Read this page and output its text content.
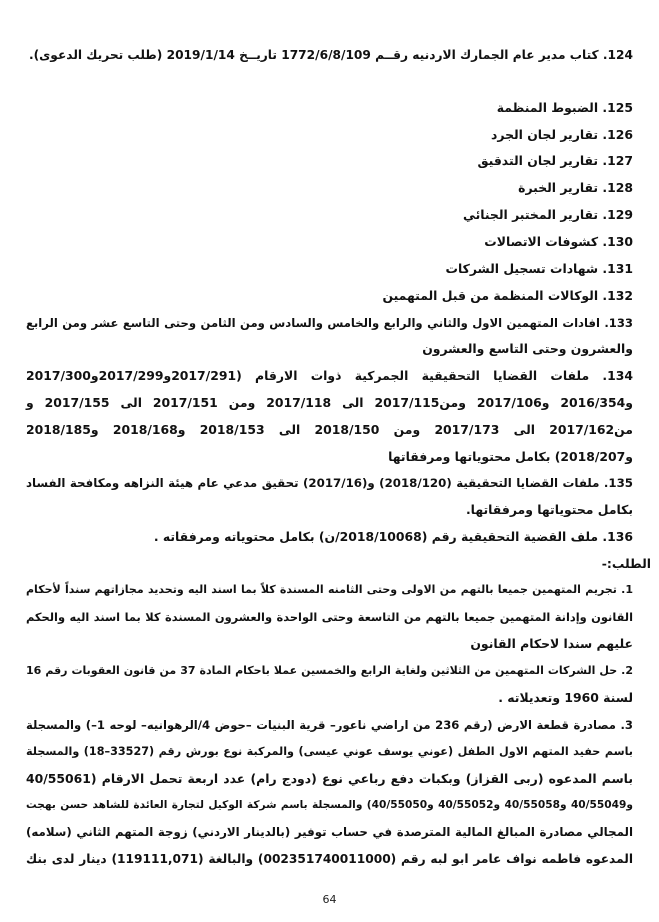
124. كتاب مدير عام الجمارك الاردنيه رقــم 1772/6/8/109 تاريــخ 2019/1/14 (طلب تحريك الدعوى).
125. الضبوط المنظمة
126. تقارير لجان الجرد
127. تقارير لجان التدقيق
128. تقارير الخبرة
129. تقارير المختبر الجنائي
130. كشوفات الاتصالات
131. شهادات تسجيل الشركات
132. الوكالات المنظمة من قبل المتهمين
133. افادات المتهمين الاول والثاني والرابع والخامس والسادس ومن الثامن وحتى التاسع عشر ومن الرابع
والعشرون وحتى التاسع والعشرون
134. ملفات القضايا التحقيقية الجمركية ذوات الارقام (2017/291و2017/299و2017/300
و2016/354 و2017/106 ومن2017/115 الى 2017/118 ومن 2017/151 الى 2017/155 و
من2017/162 الى 2017/173 ومن 2018/150 الى 2018/153 و2018/168 و2018/185
و2018/207) بكامل محتوياتها ومرفقاتها
135. ملفات القضايا التحقيقية (2018/120) و(2017/16) تحقيق مدعي عام هيئة النزاهه ومكافحة الفساد
بكامل محتوياتها ومرفقاتها.
136. ملف القضية التحقيقية رقم (2018/10068/ن) بكامل محتوياته ومرفقاته .
الطلب:-
1. تجريم المتهمين جميعا بالتهم من الاولى وحتى الثامنه المسندة كلاً بما اسند اليه وتحديد مجازاتهم سنداً لأحكام
القانون وإدانة المتهمين جميعا بالتهم من التاسعة وحتى الواحدة والعشرون المسندة كلا بما اسند اليه والحكم
عليهم سندا لاحكام القانون
2. حل الشركات المتهمين من الثلاثين ولغاية الرابع والخمسين عملا باحكام المادة 37 من قانون العقوبات رقم 16
لسنة 1960 وتعديلاته .
3. مصادرة قطعة الارض (رقم 236 من اراضي ناعور– قرية البنيات –حوض 4/الرهوانيه– لوحه 1–) والمسجلة
باسم حفيد المتهم الاول الطفل (عوني يوسف عوني عيسى) والمركبة نوع بورش رقم (33527–18) والمسجلة
باسم المدعوه (ربى القزاز) وبكبات دفع رباعي نوع (دودج رام) عدد اربعة تحمل الارقام (40/55061
و40/55049 و40/55058 و40/55052 و40/55050) والمسجلة باسم شركة الوكيل لتجارة العائدة للشاهد حسن بهجت
المجالي مصادرة المبالغ المالية المترصدة في حساب توفير (بالدينار الاردني) زوجة المتهم الثاني (سلامه)
المدعوه فاطمه نواف عامر ابو لبه رقم (002351740011000) والبالغة (119111,071) دينار لدى بنك
64
